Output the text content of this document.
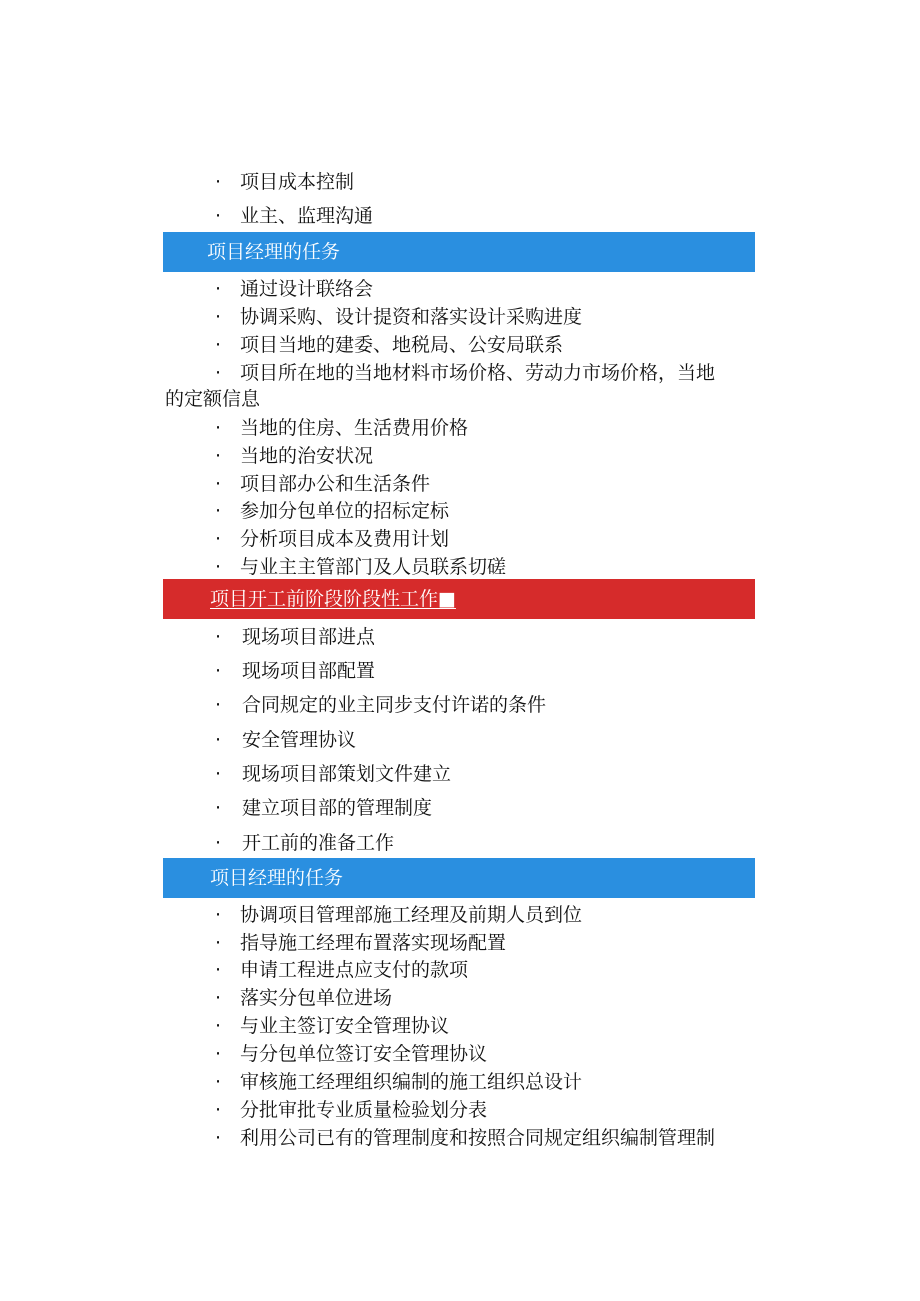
· 项目成本控制
· 业主、监理沟通
项目经理的任务
· 通过设计联络会
· 协调采购、设计提资和落实设计采购进度
· 项目当地的建委、地税局、公安局联系
· 项目所在地的当地材料市场价格、劳动力市场价格，当地
的定额信息
· 当地的住房、生活费用价格
· 当地的治安状况
· 项目部办公和生活条件
· 参加分包单位的招标定标
· 分析项目成本及费用计划
· 与业主主管部门及人员联系切磋
项目开工前阶段阶段性工作■
· 现场项目部进点
· 现场项目部配置
· 合同规定的业主同步支付许诺的条件
· 安全管理协议
· 现场项目部策划文件建立
· 建立项目部的管理制度
· 开工前的准备工作
项目经理的任务
· 协调项目管理部施工经理及前期人员到位
· 指导施工经理布置落实现场配置
· 申请工程进点应支付的款项
· 落实分包单位进场
· 与业主签订安全管理协议
· 与分包单位签订安全管理协议
· 审核施工经理组织编制的施工组织总设计
· 分批审批专业质量检验划分表
· 利用公司已有的管理制度和按照合同规定组织编制管理制
